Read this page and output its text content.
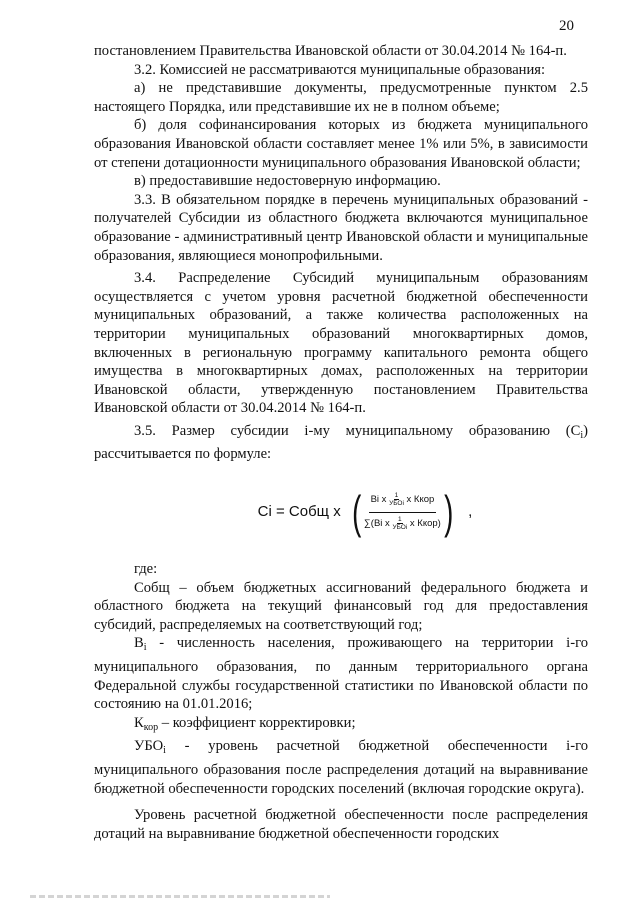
20

постановлением Правительства Ивановской области от 30.04.2014 № 164-п.

3.2. Комиссией не рассматриваются муниципальные образования:

а) не представившие документы, предусмотренные пунктом 2.5 настоящего Порядка, или представившие их не в полном объеме;

б) доля софинансирования которых из бюджета муниципального образования Ивановской области составляет менее 1% или 5%, в зависимости от степени дотационности муниципального образования Ивановской области;

в) предоставившие недостоверную информацию.

3.3. В обязательном порядке в перечень муниципальных образований - получателей Субсидии из областного бюджета включаются муниципальное образование - административный центр Ивановской области и муниципальные образования, являющиеся монопрофильными.

3.4. Распределение Субсидий муниципальным образованиям осуществляется с учетом уровня расчетной бюджетной обеспеченности муниципальных образований, а также количества расположенных на территории муниципальных образований многоквартирных домов, включенных в региональную программу капитального ремонта общего имущества в многоквартирных домах, расположенных на территории Ивановской области, утвержденную постановлением Правительства Ивановской области от 30.04.2014 № 164-п.

3.5. Размер субсидии i-му муниципальному образованию $(C_i)$ рассчитывается по формуле:

Ci = Собщ x ( Bi x 1
УБОi x Ккор
∑(Bi x 1
УБОi x Ккор) ) ,

где:

Собщ – объем бюджетных ассигнований федерального бюджета и областного бюджета на текущий финансовый год для предоставления субсидий, распределяемых на соответствующий год;

$B_i$ - численность населения, проживающего на территории i-го муниципального образования, по данным территориального органа Федеральной службы государственной статистики по Ивановской области по состоянию на 01.01.2016;

$К_{кор}$ – коэффициент корректировки;

$УБО_i$ - уровень расчетной бюджетной обеспеченности i-го муниципального образования после распределения дотаций на выравнивание бюджетной обеспеченности городских поселений (включая городские округа).

Уровень расчетной бюджетной обеспеченности после распределения дотаций на выравнивание бюджетной обеспеченности городских
